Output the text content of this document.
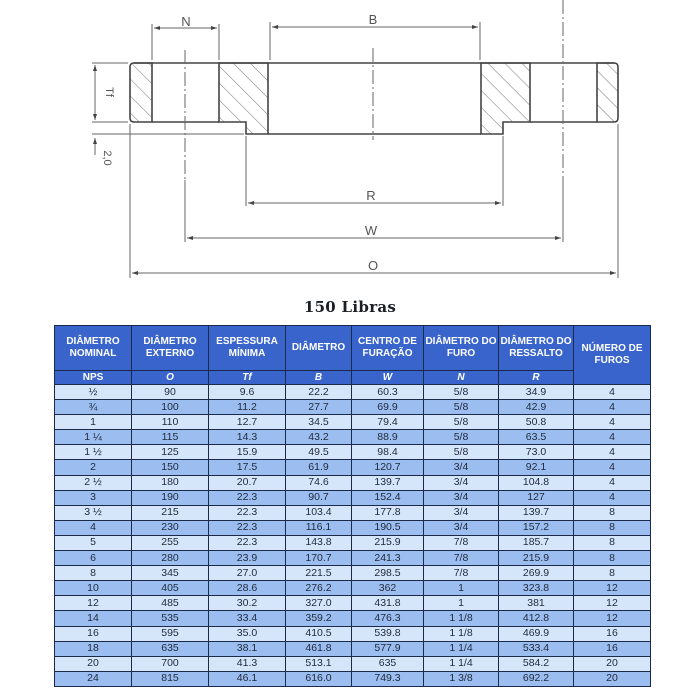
N	B
Tf
2,0
R
W
O
150 Libras
DIÂMETRO NOMINAL	DIÂMETRO EXTERNO	ESPESSURA MÍNIMA	DIÂMETRO	CENTRO DE FURAÇÃO	DIÂMETRO DO FURO	DIÂMETRO DO RESSALTO	NÚMERO DE FUROS
NPS	O	Tf	B	W	N	R	
½	90	9.6	22.2	60.3	5/8	34.9	4
¾	100	11.2	27.7	69.9	5/8	42.9	4
1	110	12.7	34.5	79.4	5/8	50.8	4
1 ¼	115	14.3	43.2	88.9	5/8	63.5	4
1 ½	125	15.9	49.5	98.4	5/8	73.0	4
2	150	17.5	61.9	120.7	3/4	92.1	4
2 ½	180	20.7	74.6	139.7	3/4	104.8	4
3	190	22.3	90.7	152.4	3/4	127	4
3 ½	215	22.3	103.4	177.8	3/4	139.7	8
4	230	22.3	116.1	190.5	3/4	157.2	8
5	255	22.3	143.8	215.9	7/8	185.7	8
6	280	23.9	170.7	241.3	7/8	215.9	8
8	345	27.0	221.5	298.5	7/8	269.9	8
10	405	28.6	276.2	362	1	323.8	12
12	485	30.2	327.0	431.8	1	381	12
14	535	33.4	359.2	476.3	1 1/8	412.8	12
16	595	35.0	410.5	539.8	1 1/8	469.9	16
18	635	38.1	461.8	577.9	1 1/4	533.4	16
20	700	41.3	513.1	635	1 1/4	584.2	20
24	815	46.1	616.0	749.3	1 3/8	692.2	20
